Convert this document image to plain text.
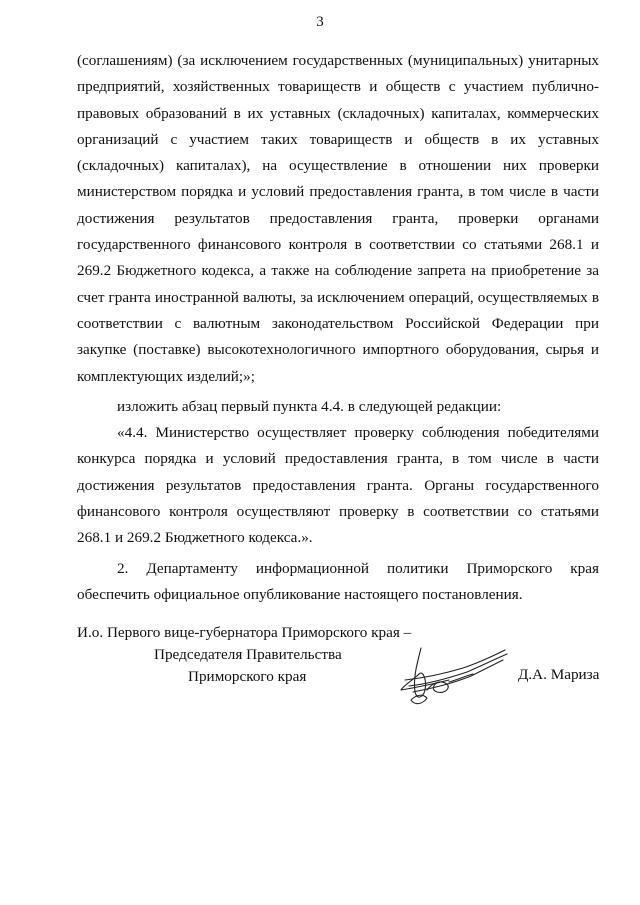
3

(соглашениям) (за исключением государственных (муниципальных) унитарных предприятий, хозяйственных товариществ и обществ с участием публично-правовых образований в их уставных (складочных) капиталах, коммерческих организаций с участием таких товариществ и обществ в их уставных (складочных) капиталах), на осуществление в отношении них проверки министерством порядка и условий предоставления гранта, в том числе в части достижения результатов предоставления гранта, проверки органами государственного финансового контроля в соответствии со статьями 268.1 и 269.2 Бюджетного кодекса, а также на соблюдение запрета на приобретение за счет гранта иностранной валюты, за исключением операций, осуществляемых в соответствии с валютным законодательством Российской Федерации при закупке (поставке) высокотехнологичного импортного оборудования, сырья и комплектующих изделий;»;

изложить абзац первый пункта 4.4. в следующей редакции:

«4.4. Министерство осуществляет проверку соблюдения победителями конкурса порядка и условий предоставления гранта, в том числе в части достижения результатов предоставления гранта. Органы государственного финансового контроля осуществляют проверку в соответствии со статьями 268.1 и 269.2 Бюджетного кодекса.».

2. Департаменту информационной политики Приморского края обеспечить официальное опубликование настоящего постановления.

И.о. Первого вице-губернатора Приморского края –
Председателя Правительства
Приморского края	Д.А. Мариза
